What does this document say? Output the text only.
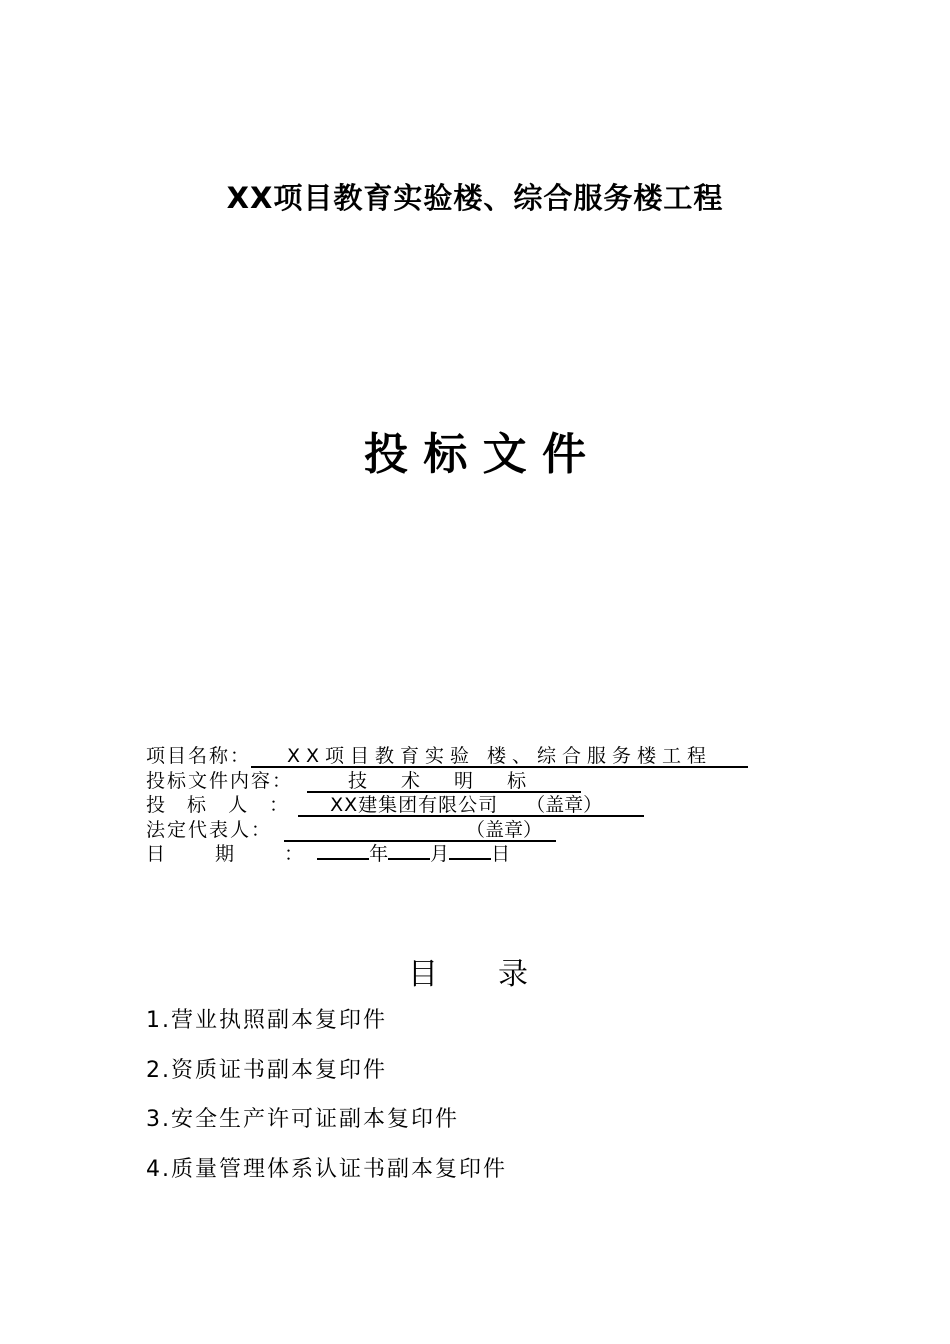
XX项目教育实验楼、综合服务楼工程
投 标 文 件
项目名称： XX项目教育实验 楼、综合服务楼工程
投标文件内容：	技 术 明 标
投 标 人 ： XX建集团有限公司 （盖章）
法定代表人：	（盖章）
日 期 ： 年 月 日
目 录
1.营业执照副本复印件
2.资质证书副本复印件
3.安全生产许可证副本复印件
4.质量管理体系认证书副本复印件
